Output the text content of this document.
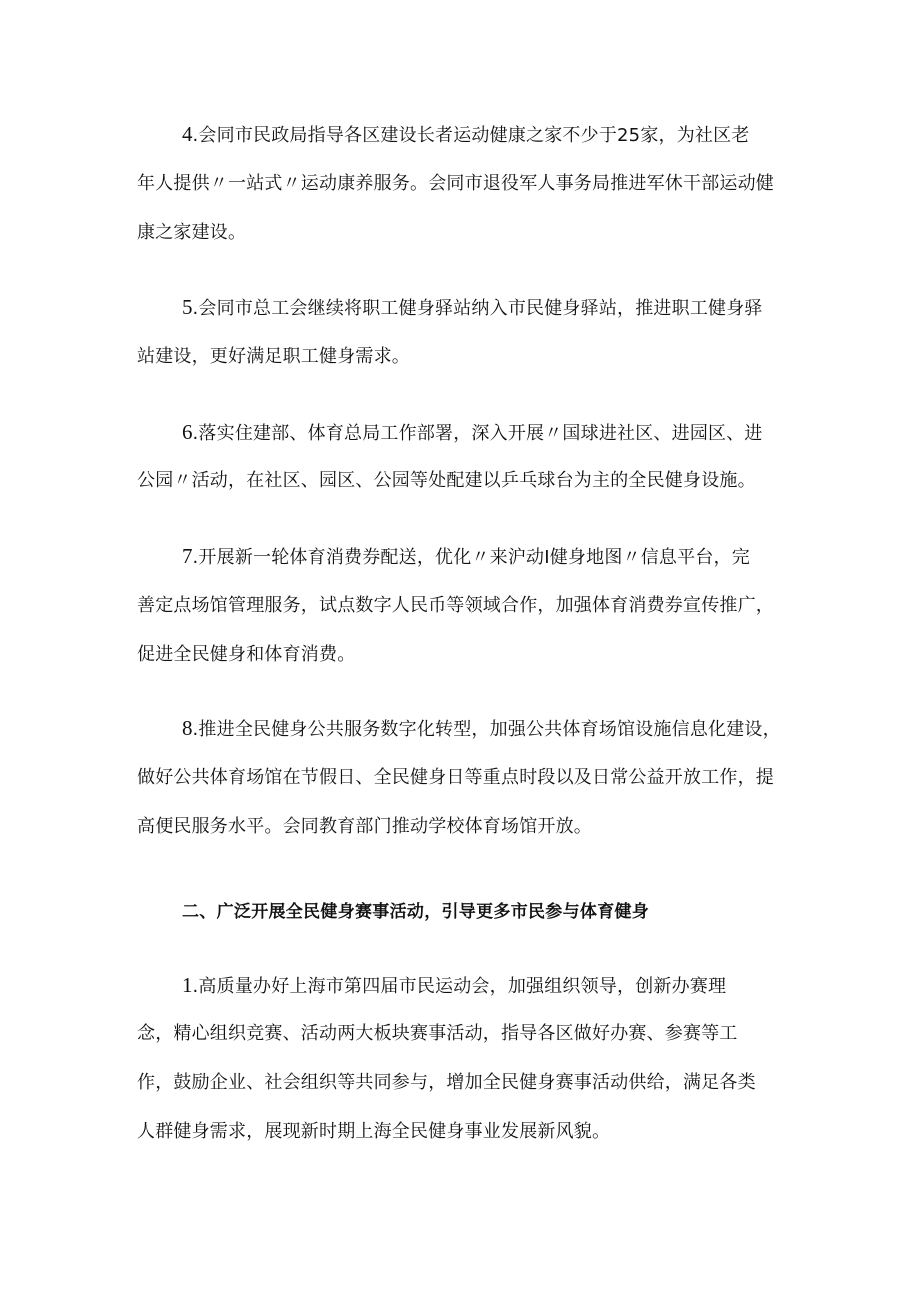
4.会同市民政局指导各区建设长者运动健康之家不少于25家，为社区老
年人提供〃一站式〃运动康养服务。会同市退役军人事务局推进军休干部运动健
康之家建设。
5.会同市总工会继续将职工健身驿站纳入市民健身驿站，推进职工健身驿
站建设，更好满足职工健身需求。
6.落实住建部、体育总局工作部署，深入开展〃国球进社区、进园区、进
公园〃活动，在社区、园区、公园等处配建以乒乓球台为主的全民健身设施。
7.开展新一轮体育消费券配送，优化〃来沪动I健身地图〃信息平台，完
善定点场馆管理服务，试点数字人民币等领域合作，加强体育消费券宣传推广，
促进全民健身和体育消费。
8.推进全民健身公共服务数字化转型，加强公共体育场馆设施信息化建设，
做好公共体育场馆在节假日、全民健身日等重点时段以及日常公益开放工作，提
高便民服务水平。会同教育部门推动学校体育场馆开放。
二、广泛开展全民健身赛事活动，引导更多市民参与体育健身
1.高质量办好上海市第四届市民运动会，加强组织领导，创新办赛理
念，精心组织竞赛、活动两大板块赛事活动，指导各区做好办赛、参赛等工
作，鼓励企业、社会组织等共同参与，增加全民健身赛事活动供给，满足各类
人群健身需求，展现新时期上海全民健身事业发展新风貌。
